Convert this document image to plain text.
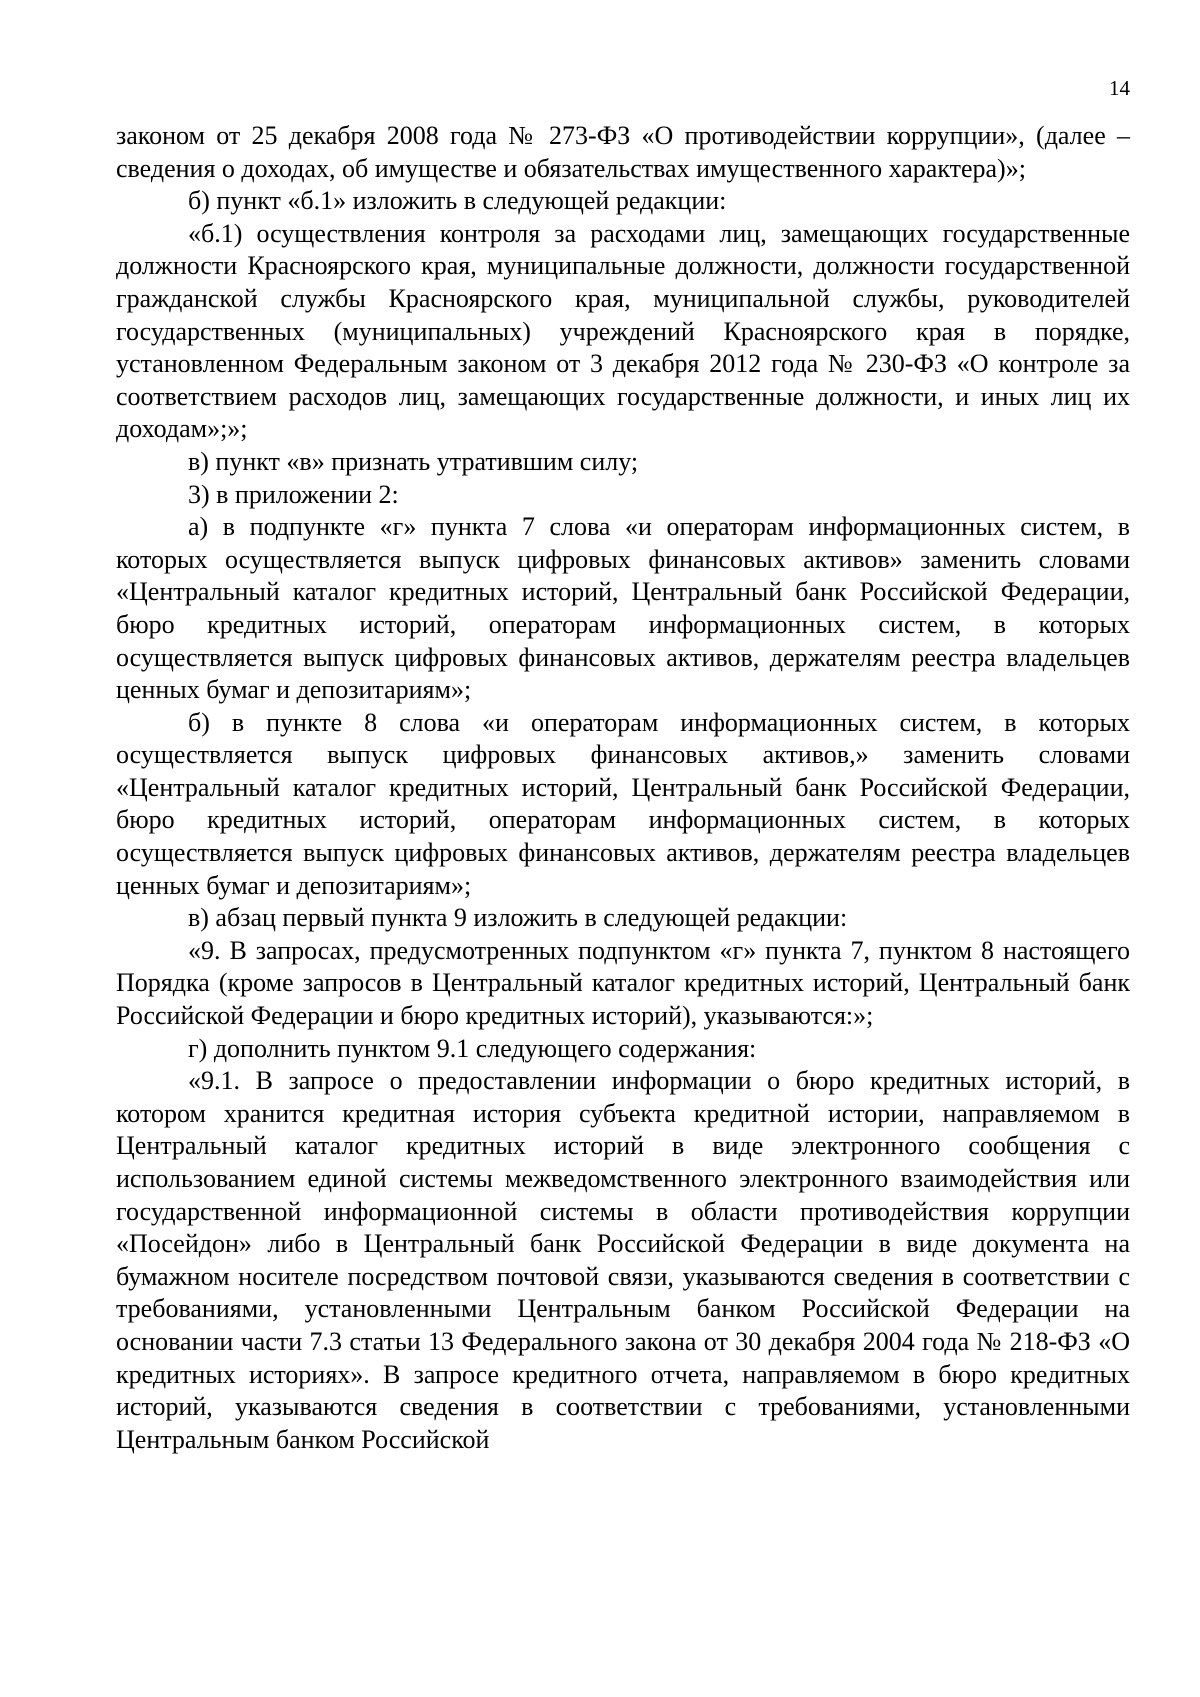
14

законом от 25 декабря 2008 года № 273-ФЗ «О противодействии коррупции», (далее – сведения о доходах, об имуществе и обязательствах имущественного характера)»;

б) пункт «б.1» изложить в следующей редакции:

«б.1) осуществления контроля за расходами лиц, замещающих государственные должности Красноярского края, муниципальные должности, должности государственной гражданской службы Красноярского края, муниципальной службы, руководителей государственных (муниципальных) учреждений Красноярского края в порядке, установленном Федеральным законом от 3 декабря 2012 года № 230-ФЗ «О контроле за соответствием расходов лиц, замещающих государственные должности, и иных лиц их доходам»;»;

в) пункт «в» признать утратившим силу;

3) в приложении 2:

а) в подпункте «г» пункта 7 слова «и операторам информационных систем, в которых осуществляется выпуск цифровых финансовых активов» заменить словами «Центральный каталог кредитных историй, Центральный банк Российской Федерации, бюро кредитных историй, операторам информационных систем, в которых осуществляется выпуск цифровых финансовых активов, держателям реестра владельцев ценных бумаг и депозитариям»;

б) в пункте 8 слова «и операторам информационных систем, в которых осуществляется выпуск цифровых финансовых активов,» заменить словами «Центральный каталог кредитных историй, Центральный банк Российской Федерации, бюро кредитных историй, операторам информационных систем, в которых осуществляется выпуск цифровых финансовых активов, держателям реестра владельцев ценных бумаг и депозитариям»;

в) абзац первый пункта 9 изложить в следующей редакции:

«9. В запросах, предусмотренных подпунктом «г» пункта 7, пунктом 8 настоящего Порядка (кроме запросов в Центральный каталог кредитных историй, Центральный банк Российской Федерации и бюро кредитных историй), указываются:»;

г) дополнить пунктом 9.1 следующего содержания:

«9.1. В запросе о предоставлении информации о бюро кредитных историй, в котором хранится кредитная история субъекта кредитной истории, направляемом в Центральный каталог кредитных историй в виде электронного сообщения с использованием единой системы межведомственного электронного взаимодействия или государственной информационной системы в области противодействия коррупции «Посейдон» либо в Центральный банк Российской Федерации в виде документа на бумажном носителе посредством почтовой связи, указываются сведения в соответствии с требованиями, установленными Центральным банком Российской Федерации на основании части 7.3 статьи 13 Федерального закона от 30 декабря 2004 года № 218-ФЗ «О кредитных историях». В запросе кредитного отчета, направляемом в бюро кредитных историй, указываются сведения в соответствии с требованиями, установленными Центральным банком Российской
